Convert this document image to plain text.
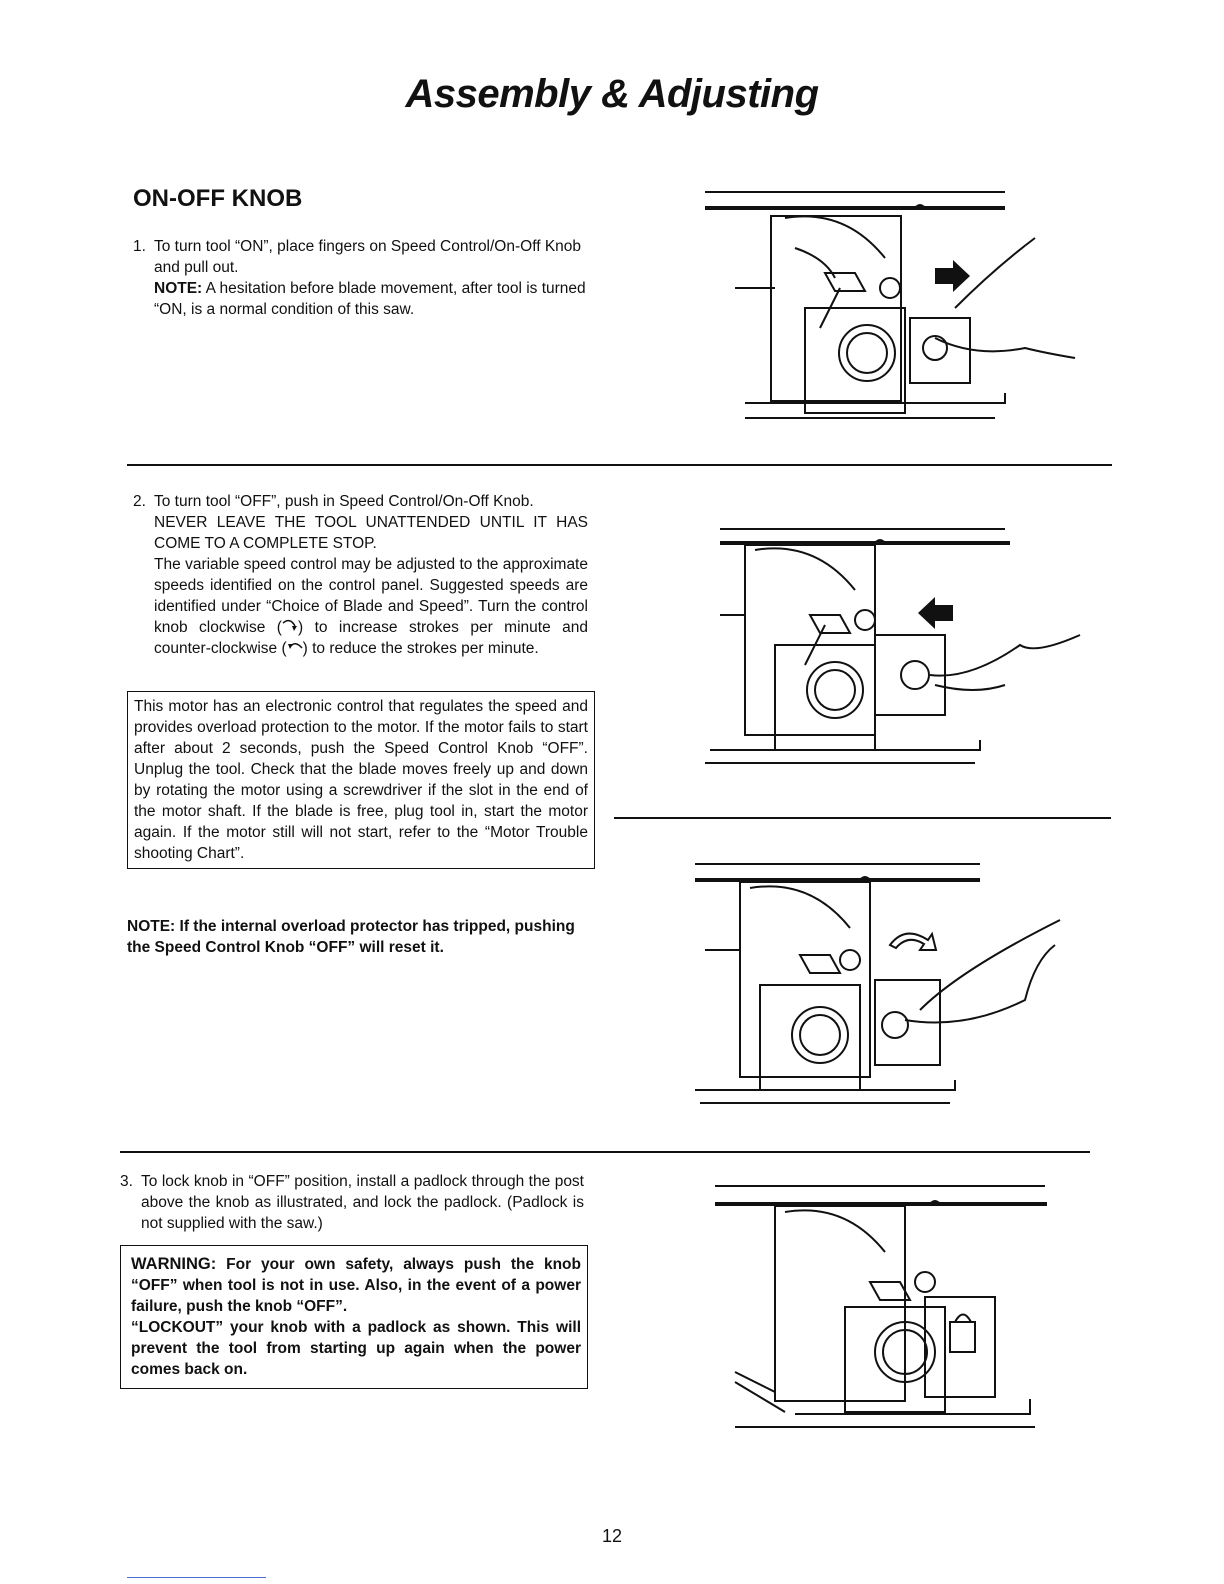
Assembly & Adjusting
ON-OFF KNOB
1. To turn tool “ON”, place fingers on Speed Control/On-Off Knob and pull out.
NOTE: A hesitation before blade movement, after tool is turned “ON, is a normal condition of this saw.
2. To turn tool “OFF”, push in Speed Control/On-Off Knob.
NEVER LEAVE THE TOOL UNATTENDED UNTIL IT HAS COME TO A COMPLETE STOP.
The variable speed control may be adjusted to the approximate speeds identified on the control panel. Suggested speeds are identified under “Choice of Blade and Speed”. Turn the control knob clockwise ( ) to increase strokes per minute and counter-clockwise ( ) to reduce the strokes per minute.
This motor has an electronic control that regulates the speed and provides overload protection to the motor. If the motor fails to start after about 2 seconds, push the Speed Control Knob “OFF”. Unplug the tool. Check that the blade moves freely up and down by rotating the motor using a screwdriver if the slot in the end of the motor shaft. If the blade is free, plug tool in, start the motor again. If the motor still will not start, refer to the “Motor Trouble shooting Chart”.
NOTE: If the internal overload protector has tripped, pushing the Speed Control Knob “OFF” will reset it.
3. To lock knob in “OFF” position, install a padlock through the post above the knob as illustrated, and lock the padlock. (Padlock is not supplied with the saw.)
WARNING: For your own safety, always push the knob “OFF” when tool is not in use. Also, in the event of a power failure, push the knob “OFF”.
“LOCKOUT” your knob with a padlock as shown. This will prevent the tool from starting up again when the power comes back on.
12
